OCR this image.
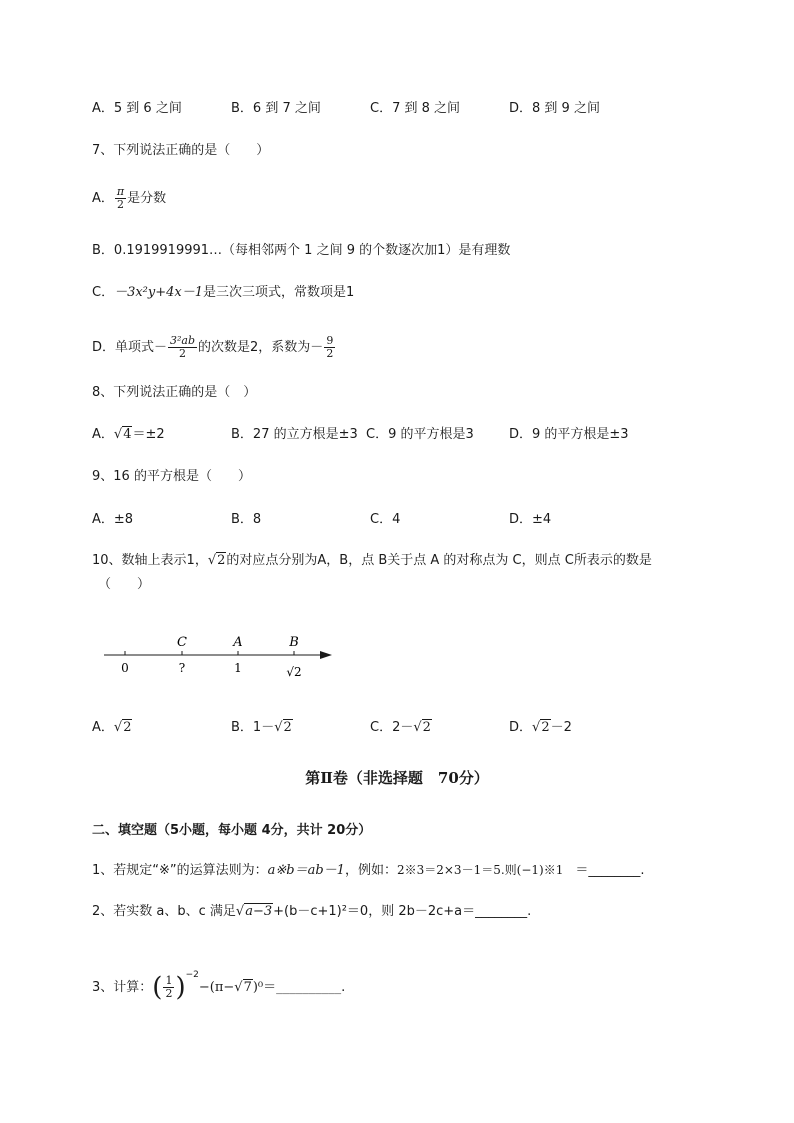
A．5 到 6 之间	B．6 到 7 之间	C．7 到 8 之间	D．8 到 9 之间
7、下列说法正确的是（　　）
A． $\frac{\pi}{2}$ 是分数
B．0.1919919991…（每相邻两个 1 之间 9 的个数逐次加1）是有理数
C．－3x²y+4x－1是三次三项式，常数项是1
D．单项式－ $\frac{\text{3²ab}}{2}$ 的次数是2，系数为－ $\frac{9}{2}$
8、下列说法正确的是（　）
A．√4＝±2	B．27 的立方根是±3 C．9 的平方根是3	D．9 的平方根是±3
9、16 的平方根是（　　）
A．±8	B．8	C．4	D．±4
10、数轴上表示1，√2的对应点分别为A，B，点 B关于点 A 的对称点为 C，则点 C所表示的数是
（　　）
C	A	B
0	?	1	√2
A．√2	B．1－√2	C．2－√2	D．√2－2
第Ⅱ卷（非选择题　70分）
二、填空题（5小题，每小题 4分，共计 20分）
1、若规定“※”的运算法则为：a※b＝ab－1，例如：2※3＝2×3－1＝5.则(−1)※1 ＝________.
2、若实数 a、b、c 满足√a−3+(b－c+1)²＝0，则 2b－2c+a＝________.
3、计算：( $\frac{1}{2}$ )$^{-2}$−(π−√7)⁰＝__________.
